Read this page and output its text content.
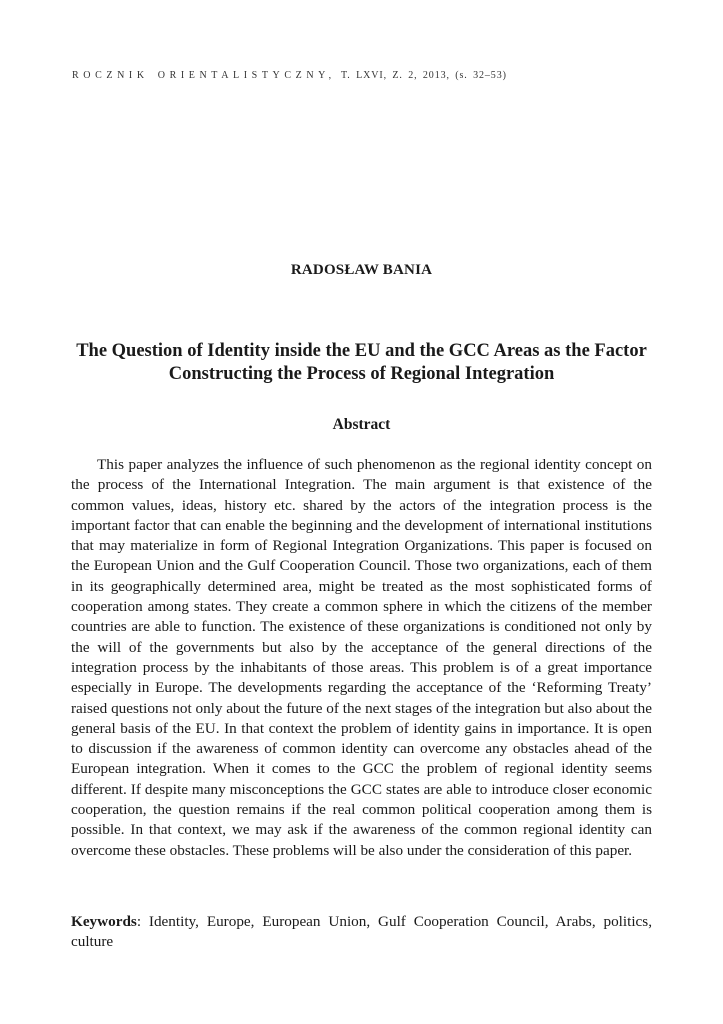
ROCZNIK ORIENTALISTYCZNY, T. LXVI, Z. 2, 2013, (s. 32–53)
RADOSŁAW BANIA
The Question of Identity inside the EU and the GCC Areas as the Factor Constructing the Process of Regional Integration
Abstract

This paper analyzes the influence of such phenomenon as the regional identity concept on the process of the International Integration. The main argument is that existence of the common values, ideas, history etc. shared by the actors of the integration process is the important factor that can enable the beginning and the development of international institutions that may materialize in form of Regional Integration Organizations. This paper is focused on the European Union and the Gulf Cooperation Council. Those two organizations, each of them in its geographically determined area, might be treated as the most sophisticated forms of cooperation among states. They create a common sphere in which the citizens of the member countries are able to function. The existence of these organizations is conditioned not only by the will of the governments but also by the acceptance of the general directions of the integration process by the inhabitants of those areas. This problem is of a great importance especially in Europe. The developments regarding the acceptance of the ‘Reforming Treaty’ raised questions not only about the future of the next stages of the integration but also about the general basis of the EU. In that context the problem of identity gains in importance. It is open to discussion if the awareness of common identity can overcome any obstacles ahead of the European integration. When it comes to the GCC the problem of regional identity seems different. If despite many misconceptions the GCC states are able to introduce closer economic cooperation, the question remains if the real common political cooperation among them is possible. In that context, we may ask if the awareness of the common regional identity can overcome these obstacles. These problems will be also under the consideration of this paper.

Keywords: Identity, Europe, European Union, Gulf Cooperation Council, Arabs, politics, culture
